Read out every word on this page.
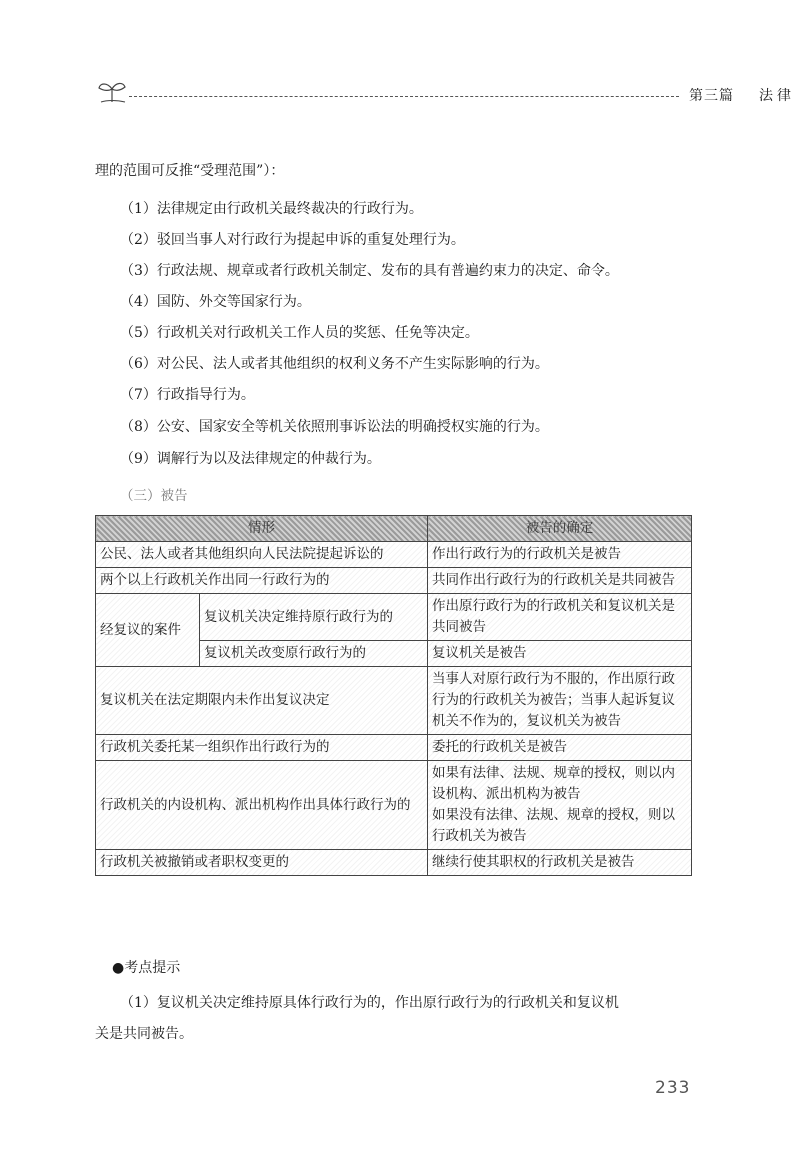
第三篇 法律
理的范围可反推“受理范围”）：
（1）法律规定由行政机关最终裁决的行政行为。
（2）驳回当事人对行政行为提起申诉的重复处理行为。
（3）行政法规、规章或者行政机关制定、发布的具有普遍约束力的决定、命令。
（4）国防、外交等国家行为。
（5）行政机关对行政机关工作人员的奖惩、任免等决定。
（6）对公民、法人或者其他组织的权利义务不产生实际影响的行为。
（7）行政指导行为。
（8）公安、国家安全等机关依照刑事诉讼法的明确授权实施的行为。
（9）调解行为以及法律规定的仲裁行为。
（三）被告
情形		被告的确定
公民、法人或者其他组织向人民法院提起诉讼的		作出行政行为的行政机关是被告
两个以上行政机关作出同一行政行为的		共同作出行政行为的行政机关是共同被告
经复议的案件	复议机关决定维持原行政行为的	作出原行政行为的行政机关和复议机关是共同被告
	复议机关改变原行政行为的	复议机关是被告
复议机关在法定期限内未作出复议决定		当事人对原行政行为不服的，作出原行政行为的行政机关为被告；当事人起诉复议机关不作为的，复议机关为被告
行政机关委托某一组织作出行政行为的		委托的行政机关是被告
行政机关的内设机构、派出机构作出具体行政行为的		如果有法律、法规、规章的授权，则以内设机构、派出机构为被告
如果没有法律、法规、规章的授权，则以行政机关为被告
行政机关被撤销或者职权变更的		继续行使其职权的行政机关是被告
●考点提示
（1）复议机关决定维持原具体行政行为的，作出原行政行为的行政机关和复议机
关是共同被告。
233
